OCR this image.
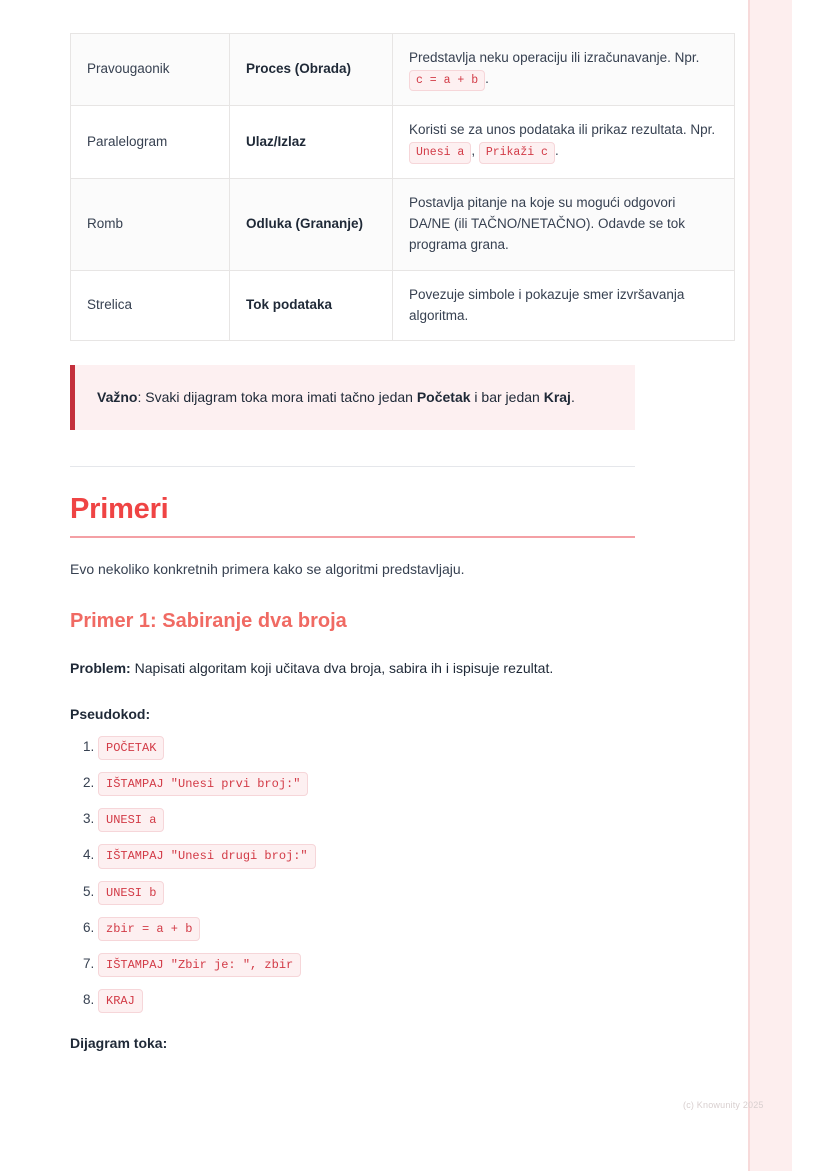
(c) Knowunity 2025
Pravougaonik	Proces (Obrada)	Predstavlja neku operaciju ili izračunavanje. Npr. c = a + b .
Paralelogram	Ulaz/Izlaz	Koristi se za unos podataka ili prikaz rezultata. Npr. Unesi a , Prikaži c .
Romb	Odluka (Grananje)	Postavlja pitanje na koje su mogući odgovori DA/NE (ili TAČNO/NETAČNO). Odavde se tok programa grana.
Strelica	Tok podataka	Povezuje simbole i pokazuje smer izvršavanja algoritma.
Važno: Svaki dijagram toka mora imati tačno jedan Početak i bar jedan Kraj.
Primeri

Evo nekoliko konkretnih primera kako se algoritmi predstavljaju.

Primer 1: Sabiranje dva broja

Problem: Napisati algoritam koji učitava dva broja, sabira ih i ispisuje rezultat.

Pseudokod:

1. POČETAK
2. IŠTAMPAJ "Unesi prvi broj:"
3. UNESI a
4. IŠTAMPAJ "Unesi drugi broj:"
5. UNESI b
6. zbir = a + b
7. IŠTAMPAJ "Zbir je: ", zbir
8. KRAJ

Dijagram toka:
